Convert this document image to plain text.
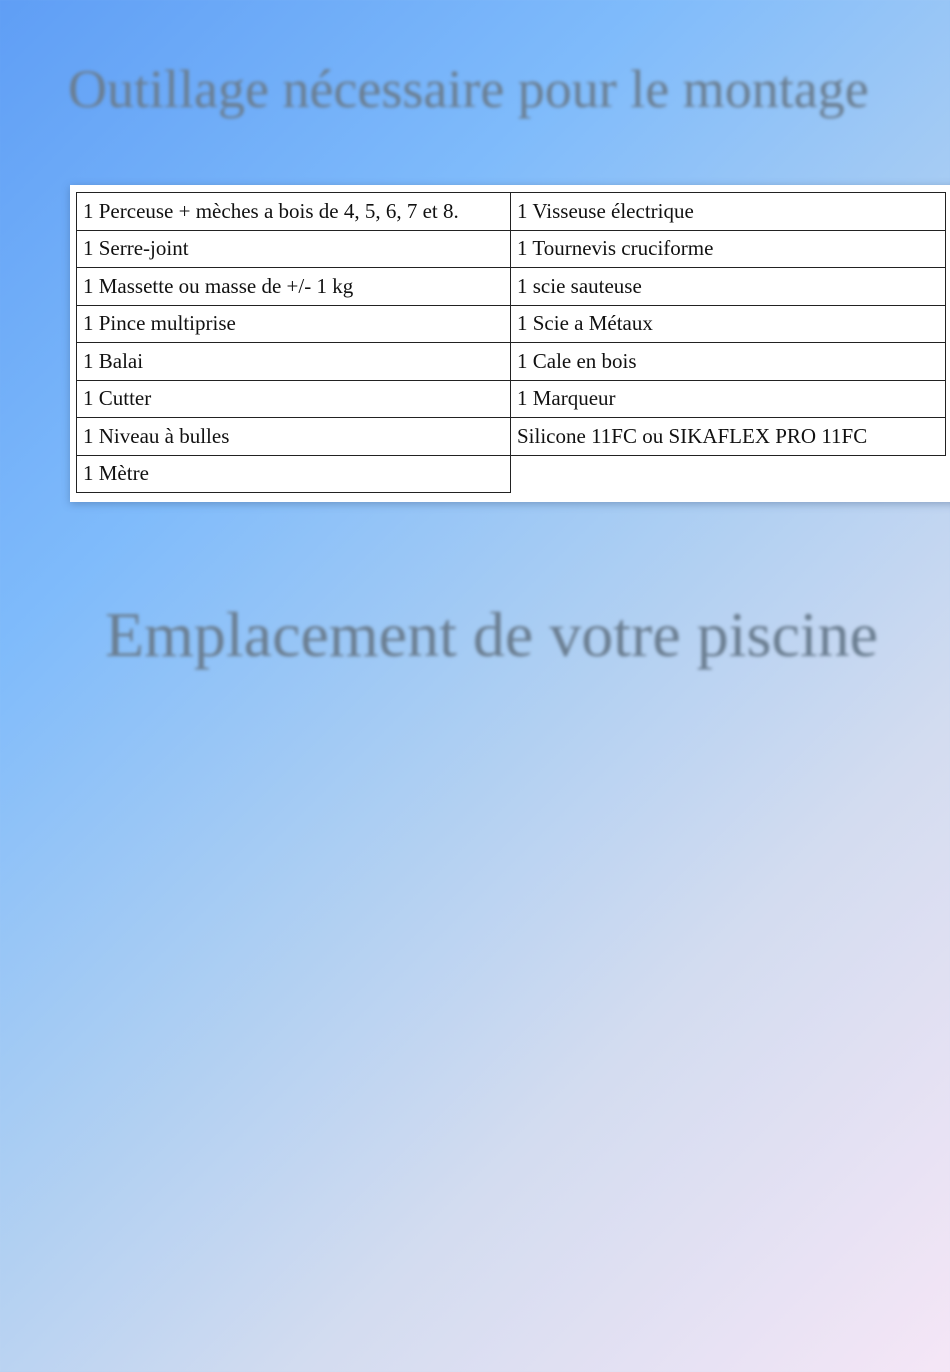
Outillage nécessaire pour le montage
1 Perceuse + mèches a bois de 4, 5, 6, 7 et 8.	1 Visseuse électrique
1 Serre-joint	1 Tournevis cruciforme
1 Massette ou masse de +/- 1 kg	1 scie sauteuse
1 Pince multiprise	1 Scie a Métaux
1 Balai	1 Cale en bois
1 Cutter	1 Marqueur
1 Niveau à bulles	Silicone 11FC ou SIKAFLEX PRO 11FC
1 Mètre	
Emplacement de votre piscine
